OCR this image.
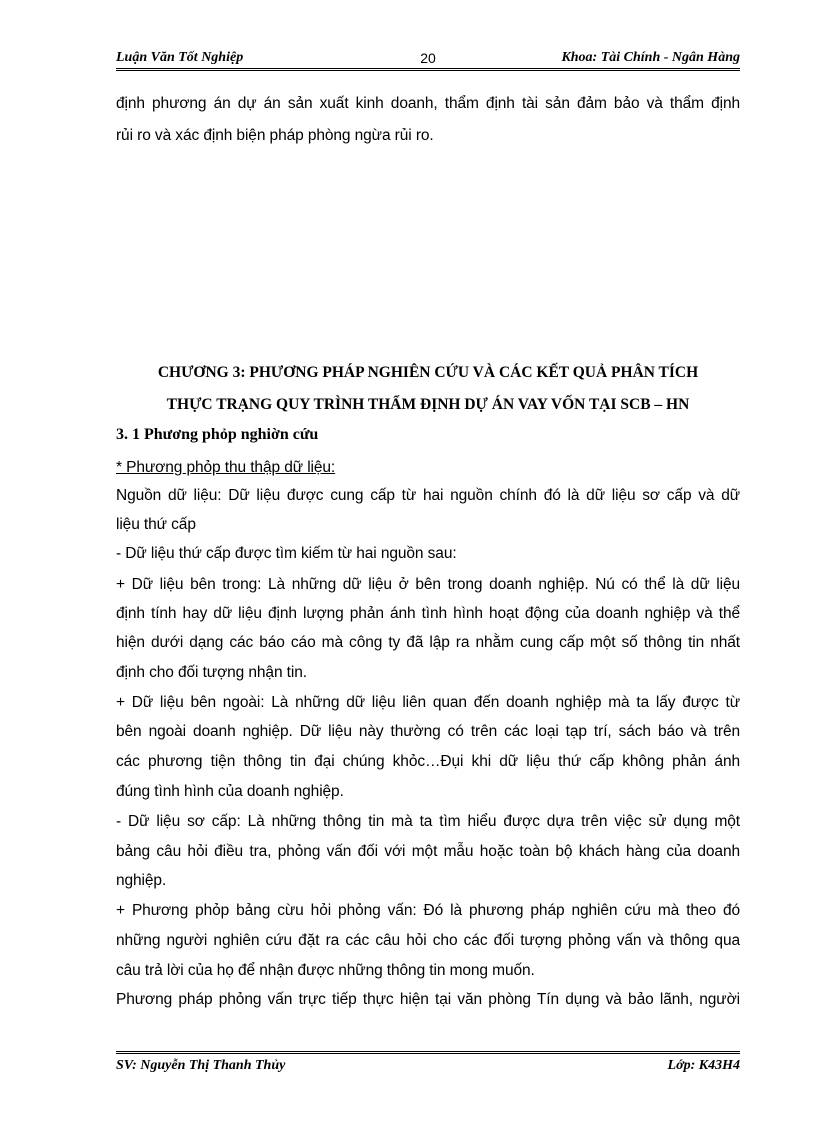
Luận Văn Tốt Nghiệp	20	Khoa: Tài Chính - Ngân Hàng
định phương án dự án sản xuất kinh doanh, thẩm định tài sản đảm bảo và thẩm định
rủi ro và xác định biện pháp phòng ngừa rủi ro.
CHƯƠNG 3: PHƯƠNG PHÁP NGHIÊN CỨU VÀ CÁC KẾT QUẢ PHÂN TÍCH
THỰC TRẠNG QUY TRÌNH THẨM ĐỊNH DỰ ÁN VAY VỐN TẠI SCB – HN
3. 1 Phương phỏp nghiờn cứu
* Phương phỏp thu thập dữ liệu:
Nguồn dữ liệu: Dữ liệu được cung cấp từ hai nguồn chính đó là dữ liệu sơ cấp và dữ
liệu thứ cấp
- Dữ liệu thứ cấp được tìm kiếm từ hai nguồn sau:
+ Dữ liệu bên trong: Là những dữ liệu ở bên trong doanh nghiệp. Nú có thể là dữ liệu
định tính hay dữ liệu định lượng phản ánh tình hình hoạt động của doanh nghiệp và thể
hiện dưới dạng các báo cáo mà công ty đã lập ra nhằm cung cấp một số thông tin nhất
định cho đối tượng nhận tin.
+ Dữ liệu bên ngoài: Là những dữ liệu liên quan đến doanh nghiệp mà ta lấy được từ
bên ngoài doanh nghiệp. Dữ liệu này thường có trên các loại tạp trí, sách báo và trên
các phương tiện thông tin đại chúng khỏc…Đụi khi dữ liệu thứ cấp không phản ánh
đúng tình hình của doanh nghiệp.
- Dữ liệu sơ cấp: Là những thông tin mà ta tìm hiểu được dựa trên việc sử dụng một
bảng câu hỏi điều tra, phỏng vấn đối với một mẫu hoặc toàn bộ khách hàng của doanh
nghiệp.
+ Phương phỏp bảng cừu hỏi phỏng vấn: Đó là phương pháp nghiên cứu mà theo đó
những người nghiên cứu đặt ra các câu hỏi cho các đối tượng phỏng vấn và thông qua
câu trả lời của họ để nhận được những thông tin mong muốn.
Phương pháp phỏng vấn trực tiếp thực hiện tại văn phòng Tín dụng và bảo lãnh, người
SV: Nguyễn Thị Thanh Thủy	Lớp: K43H4
